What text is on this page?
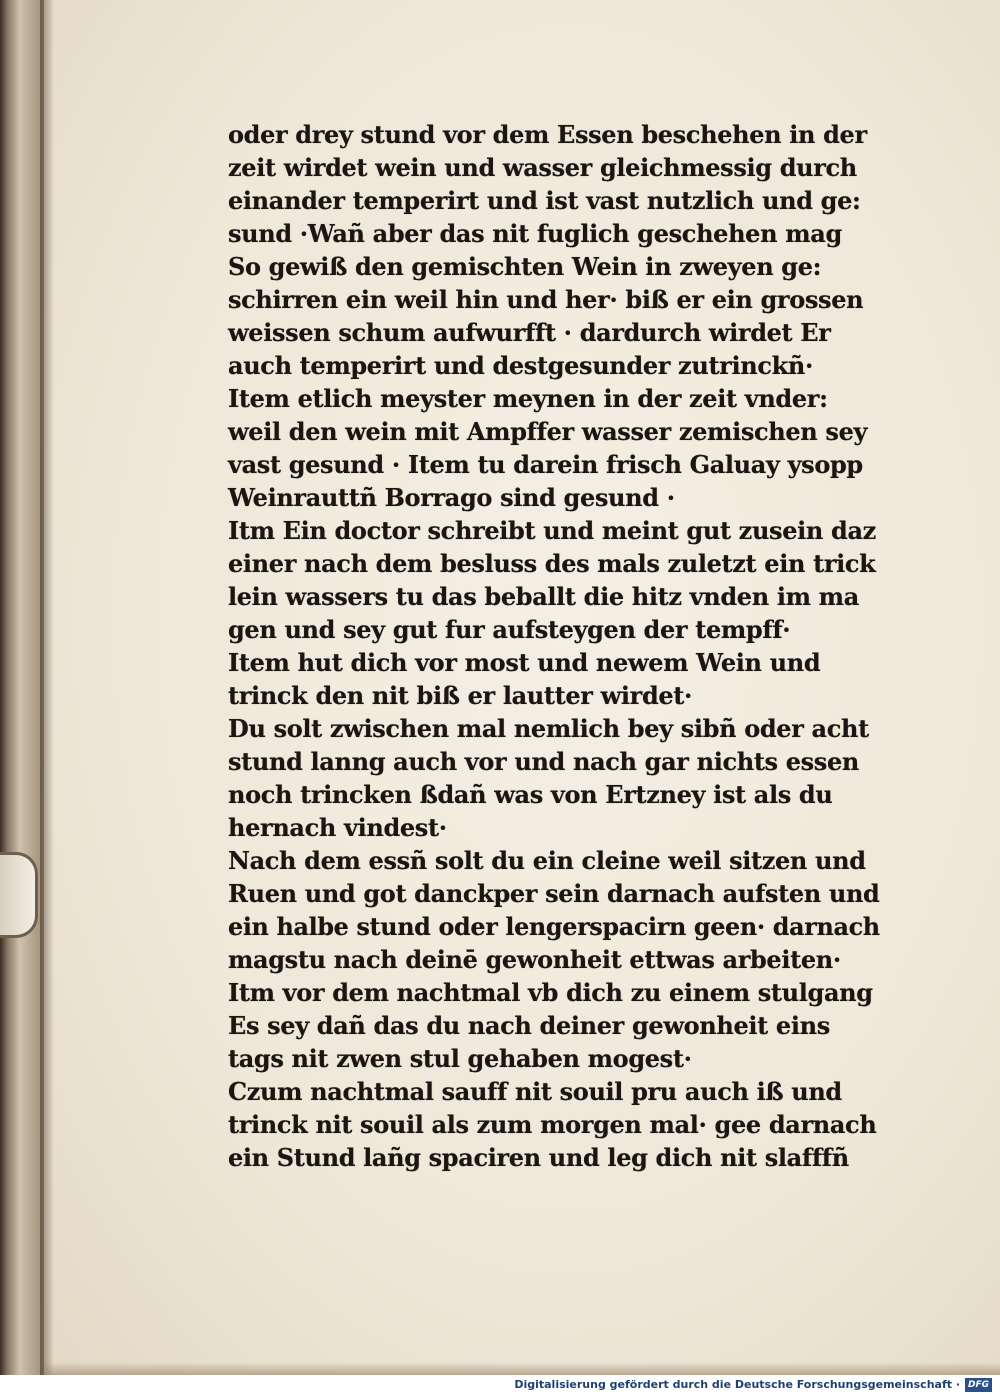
oder drey stund vor dem Essen beschehen in der
zeit wirdet wein und wasser gleichmessig durch
einander temperirt und ist vast nutzlich und ge:
sund ·Wañ aber das nit fuglich geschehen mag
So gewiß den gemischten Wein in zweyen ge:
schirren ein weil hin und her· biß er ein grossen
weissen schum aufwurfft · dardurch wirdet Er
auch temperirt und destgesunder zutrinckñ·
Item etlich meyster meynen in der zeit vnder:
weil den wein mit Ampffer wasser zemischen sey
vast gesund · Item tu darein frisch Galuay ysopp
Weinrauttñ Borrago sind gesund ·
Itm Ein doctor schreibt und meint gut zusein daz
einer nach dem besluss des mals zuletzt ein trick
lein wassers tu das beballt die hitz vnden im ma
gen und sey gut fur aufsteygen der tempff·
Item hut dich vor most und newem Wein und
trinck den nit biß er lautter wirdet·
Du solt zwischen mal nemlich bey sibñ oder acht
stund lanng auch vor und nach gar nichts essen
noch trincken ßdañ was von Ertzney ist als du
hernach vindest·
Nach dem essñ solt du ein cleine weil sitzen und
Ruen und got danckper sein darnach aufsten und
ein halbe stund oder lengerspacirn geen· darnach
magstu nach deinē gewonheit ettwas arbeiten·
Itm vor dem nachtmal vb dich zu einem stulgang
Es sey dañ das du nach deiner gewonheit eins
tags nit zwen stul gehaben mogest·
Czum nachtmal sauff nit souil pru auch iß und
trinck nit souil als zum morgen mal· gee darnach
ein Stund lañg spaciren und leg dich nit slafffñ
Digitalisierung gefördert durch die Deutsche Forschungsgemeinschaft · DFG
